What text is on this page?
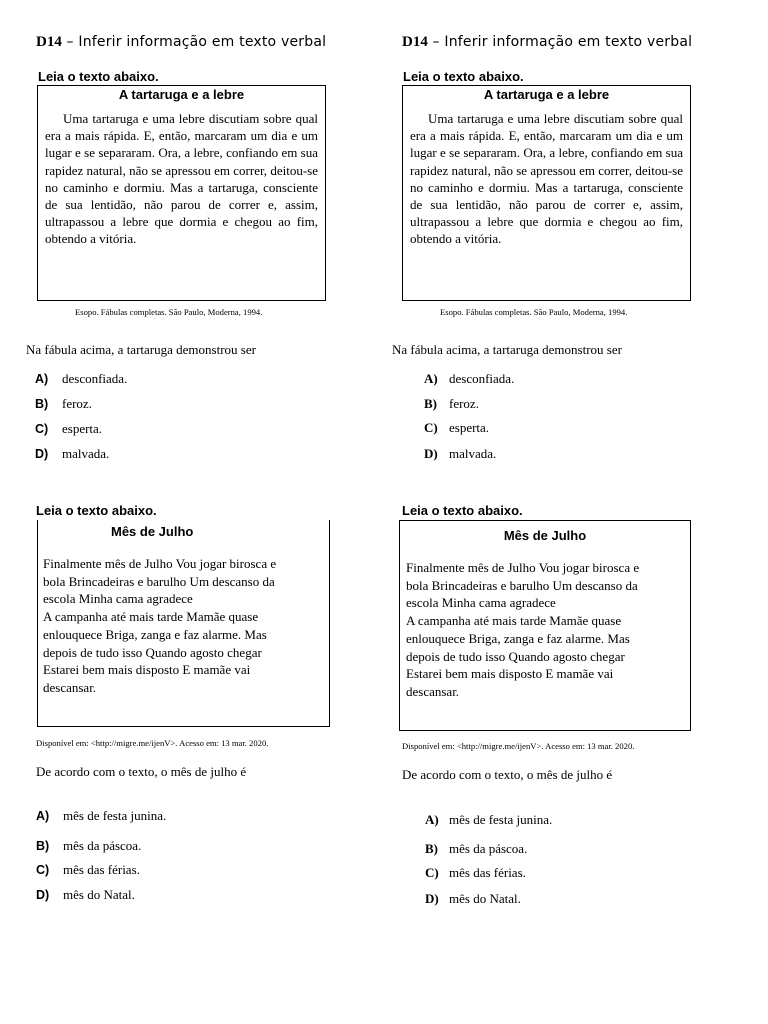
D14 – Inferir informação em texto verbal
Leia o texto abaixo.
A tartaruga e a lebre

Uma tartaruga e uma lebre discutiam sobre qual era a mais rápida. E, então, marcaram um dia e um lugar e se separaram. Ora, a lebre, confiando em sua rapidez natural, não se apressou em correr, deitou-se no caminho e dormiu. Mas a tartaruga, consciente de sua lentidão, não parou de correr e, assim, ultrapassou a lebre que dormia e chegou ao fim, obtendo a vitória.

Esopo. Fábulas completas. São Paulo, Moderna, 1994.
Na fábula acima, a tartaruga demonstrou ser
A) desconfiada.
B) feroz.
C) esperta.
D) malvada.
Leia o texto abaixo.
Mês de Julho

Finalmente mês de Julho Vou jogar birosca e

bola Brincadeiras e barulho Um descanso da

escola Minha cama agradece

A campanha até mais tarde Mamãe quase

enlouquece Briga, zanga e faz alarme. Mas

depois de tudo isso Quando agosto chegar

Estarei bem mais disposto E mamãe vai

descansar.

Disponível em: <http://migre.me/ijenV>. Acesso em: 13 mar. 2020.
De acordo com o texto, o mês de julho é
A) mês de festa junina.
B) mês da páscoa.
C) mês das férias.
D) mês do Natal.
D14 – Inferir informação em texto verbal
Leia o texto abaixo.
A tartaruga e a lebre

Uma tartaruga e uma lebre discutiam sobre qual era a mais rápida. E, então, marcaram um dia e um lugar e se separaram. Ora, a lebre, confiando em sua rapidez natural, não se apressou em correr, deitou-se no caminho e dormiu. Mas a tartaruga, consciente de sua lentidão, não parou de correr e, assim, ultrapassou a lebre que dormia e chegou ao fim, obtendo a vitória.

Esopo. Fábulas completas. São Paulo, Moderna, 1994.
Na fábula acima, a tartaruga demonstrou ser
A) desconfiada.
B) feroz.
C) esperta.
D) malvada.
Leia o texto abaixo.
Mês de Julho

Finalmente mês de Julho Vou jogar birosca e

bola Brincadeiras e barulho Um descanso da

escola Minha cama agradece

A campanha até mais tarde Mamãe quase

enlouquece Briga, zanga e faz alarme. Mas

depois de tudo isso Quando agosto chegar

Estarei bem mais disposto E mamãe vai

descansar.

Disponível em: <http://migre.me/ijenV>. Acesso em: 13 mar. 2020.
De acordo com o texto, o mês de julho é
A) mês de festa junina.
B) mês da páscoa.
C) mês das férias.
D) mês do Natal.
